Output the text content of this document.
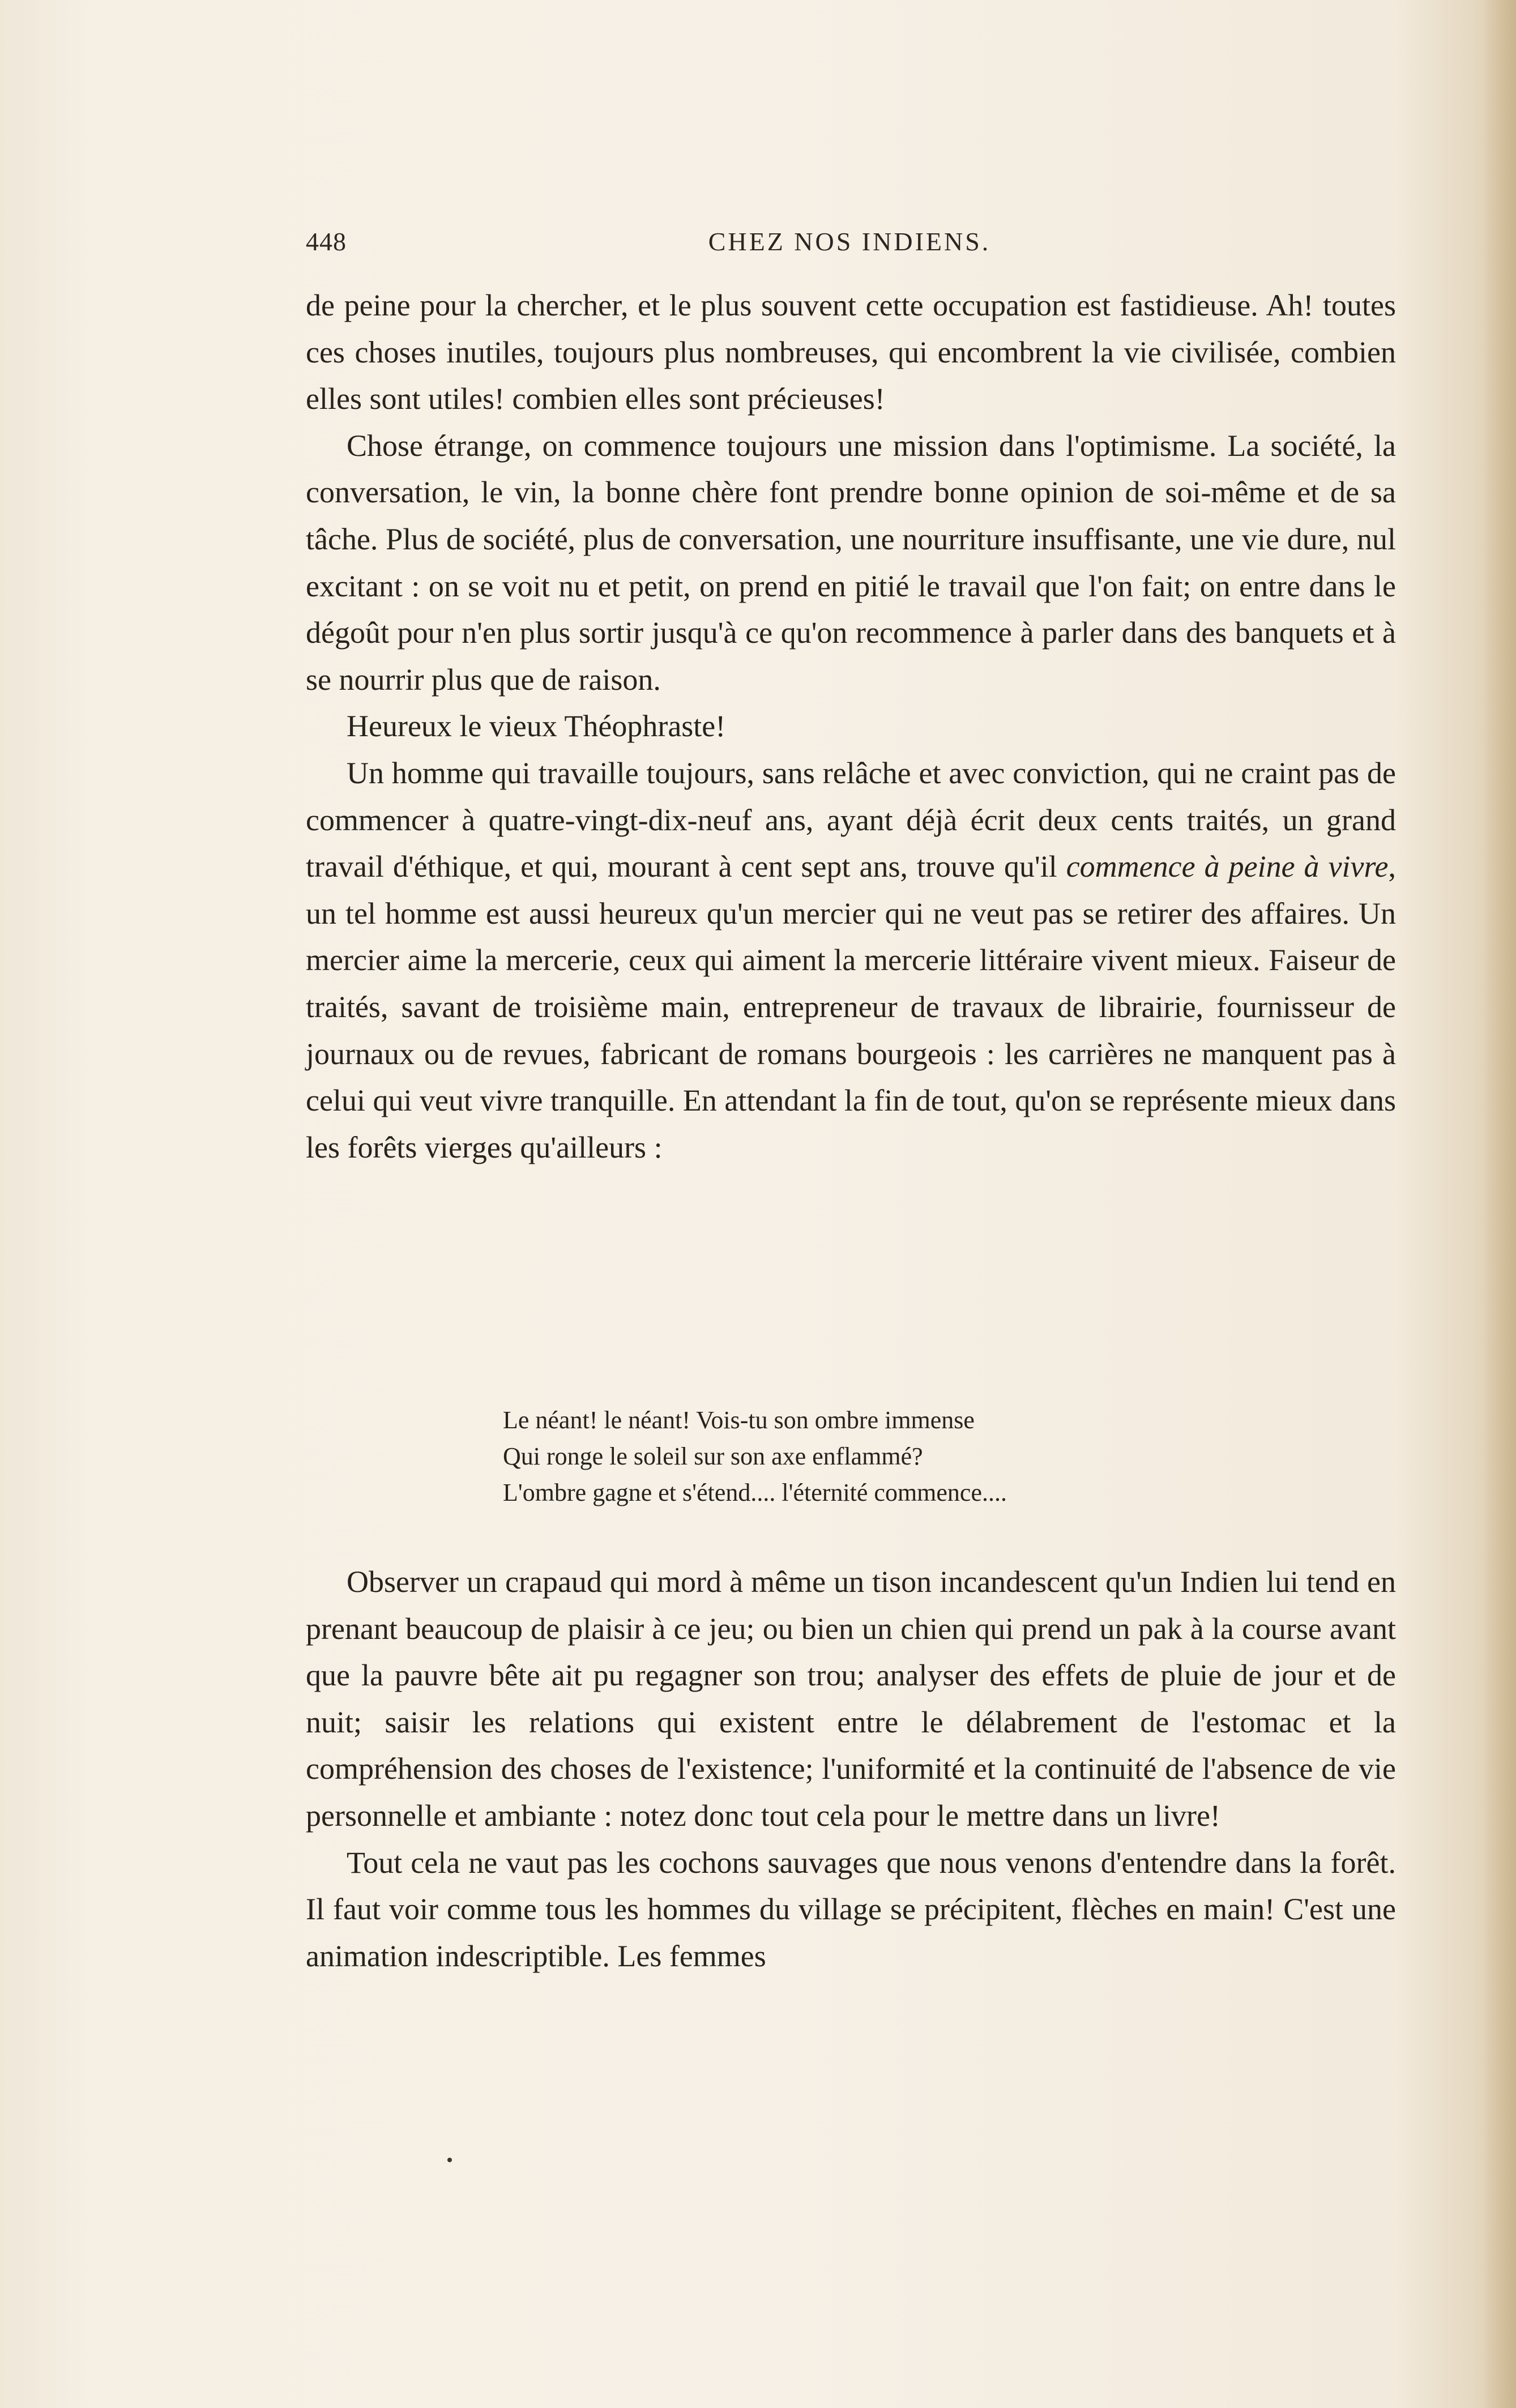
448	CHEZ NOS INDIENS.

de peine pour la chercher, et le plus souvent cette occupation est fastidieuse. Ah! toutes ces choses inutiles, toujours plus nombreuses, qui encombrent la vie civilisée, combien elles sont utiles! combien elles sont précieuses!

Chose étrange, on commence toujours une mission dans l'optimisme. La société, la conversation, le vin, la bonne chère font prendre bonne opinion de soi-même et de sa tâche. Plus de société, plus de conversation, une nourriture insuffisante, une vie dure, nul excitant : on se voit nu et petit, on prend en pitié le travail que l'on fait; on entre dans le dégoût pour n'en plus sortir jusqu'à ce qu'on recommence à parler dans des banquets et à se nourrir plus que de raison.

Heureux le vieux Théophraste!

Un homme qui travaille toujours, sans relâche et avec conviction, qui ne craint pas de commencer à quatre-vingt-dix-neuf ans, ayant déjà écrit deux cents traités, un grand travail d'éthique, et qui, mourant à cent sept ans, trouve qu'il commence à peine à vivre, un tel homme est aussi heureux qu'un mercier qui ne veut pas se retirer des affaires. Un mercier aime la mercerie, ceux qui aiment la mercerie littéraire vivent mieux. Faiseur de traités, savant de troisième main, entrepreneur de travaux de librairie, fournisseur de journaux ou de revues, fabricant de romans bourgeois : les carrières ne manquent pas à celui qui veut vivre tranquille. En attendant la fin de tout, qu'on se représente mieux dans les forêts vierges qu'ailleurs :

Le néant! le néant! Vois-tu son ombre immense
Qui ronge le soleil sur son axe enflammé?
L'ombre gagne et s'étend.... l'éternité commence....

Observer un crapaud qui mord à même un tison incandescent qu'un Indien lui tend en prenant beaucoup de plaisir à ce jeu; ou bien un chien qui prend un pak à la course avant que la pauvre bête ait pu regagner son trou; analyser des effets de pluie de jour et de nuit; saisir les relations qui existent entre le délabrement de l'estomac et la compréhension des choses de l'existence; l'uniformité et la continuité de l'absence de vie personnelle et ambiante : notez donc tout cela pour le mettre dans un livre!

Tout cela ne vaut pas les cochons sauvages que nous venons d'entendre dans la forêt. Il faut voir comme tous les hommes du village se précipitent, flèches en main! C'est une animation indescriptible. Les femmes
